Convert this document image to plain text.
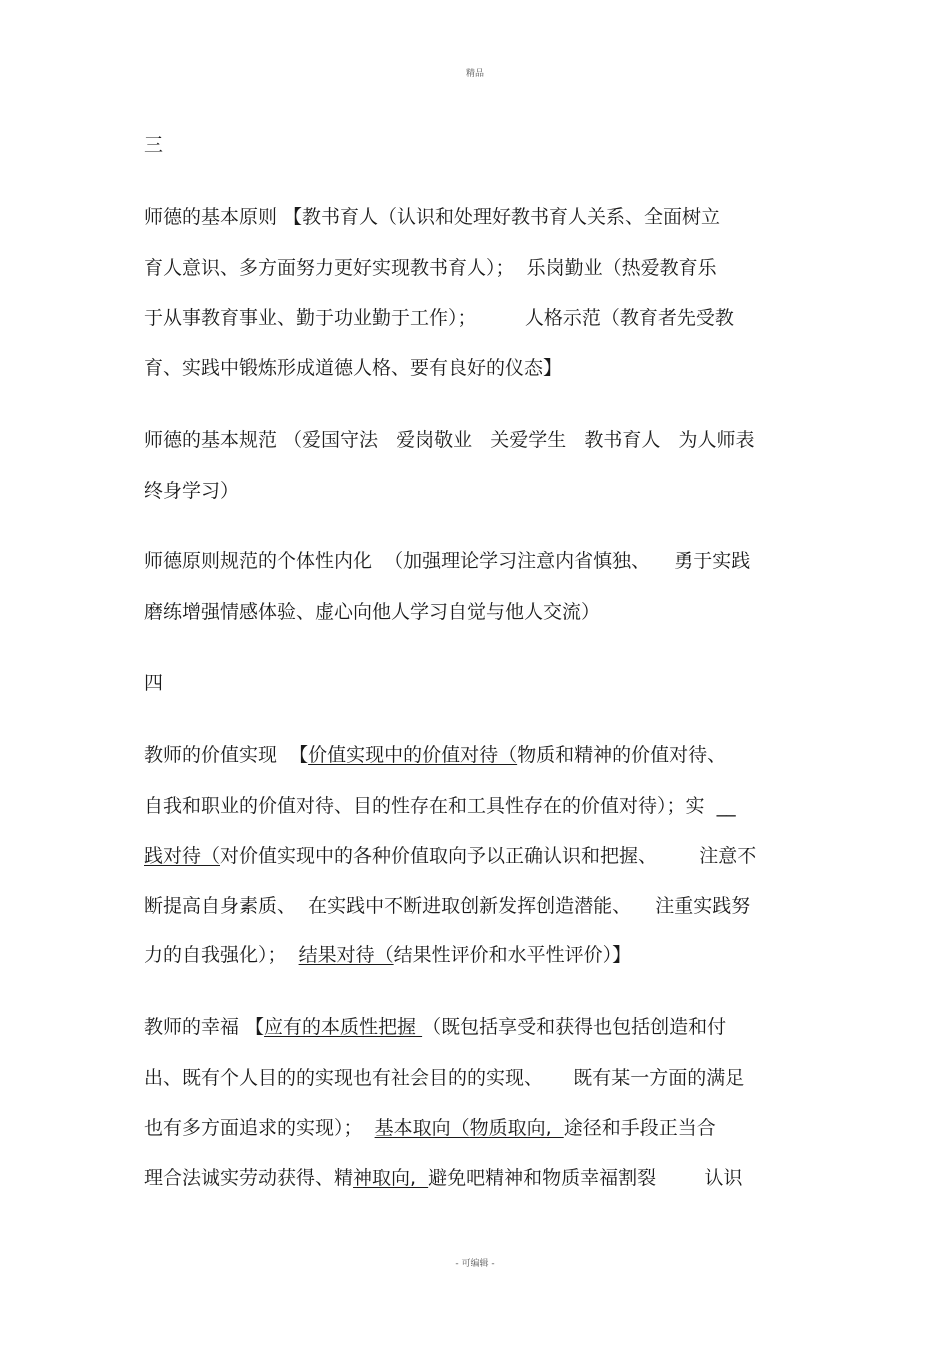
精品
三
师德的基本原则 【教书育人（认识和处理好教书育人关系、全面树立
育人意识、多方面努力更好实现教书育人）；  乐岗勤业（热爱教育乐
于从事教育事业、勤于功业勤于工作）；        人格示范（教育者先受教
育、实践中锻炼形成道德人格、要有良好的仪态】
师德的基本规范 （爱国守法   爱岗敬业   关爱学生   教书育人   为人师表
终身学习）
师德原则规范的个体性内化  （加强理论学习注意内省慎独、    勇于实践
磨练增强情感体验、虚心向他人学习自觉与他人交流）
四
教师的价值实现  【价值实现中的价值对待（物质和精神的价值对待、
自我和职业的价值对待、目的性存在和工具性存在的价值对待）；实  __
践对待（对价值实现中的各种价值取向予以正确认识和把握、       注意不
断提高自身素质、  在实践中不断进取创新发挥创造潜能、    注重实践努
力的自我强化）；  结果对待（结果性评价和水平性评价）】
教师的幸福 【应有的本质性把握 （既包括享受和获得也包括创造和付
出、既有个人目的的实现也有社会目的的实现、     既有某一方面的满足
也有多方面追求的实现）；  基本取向（物质取向,  途径和手段正当合
理合法诚实劳动获得、精神取向,  避免吧精神和物质幸福割裂        认识
- 可编辑 -
